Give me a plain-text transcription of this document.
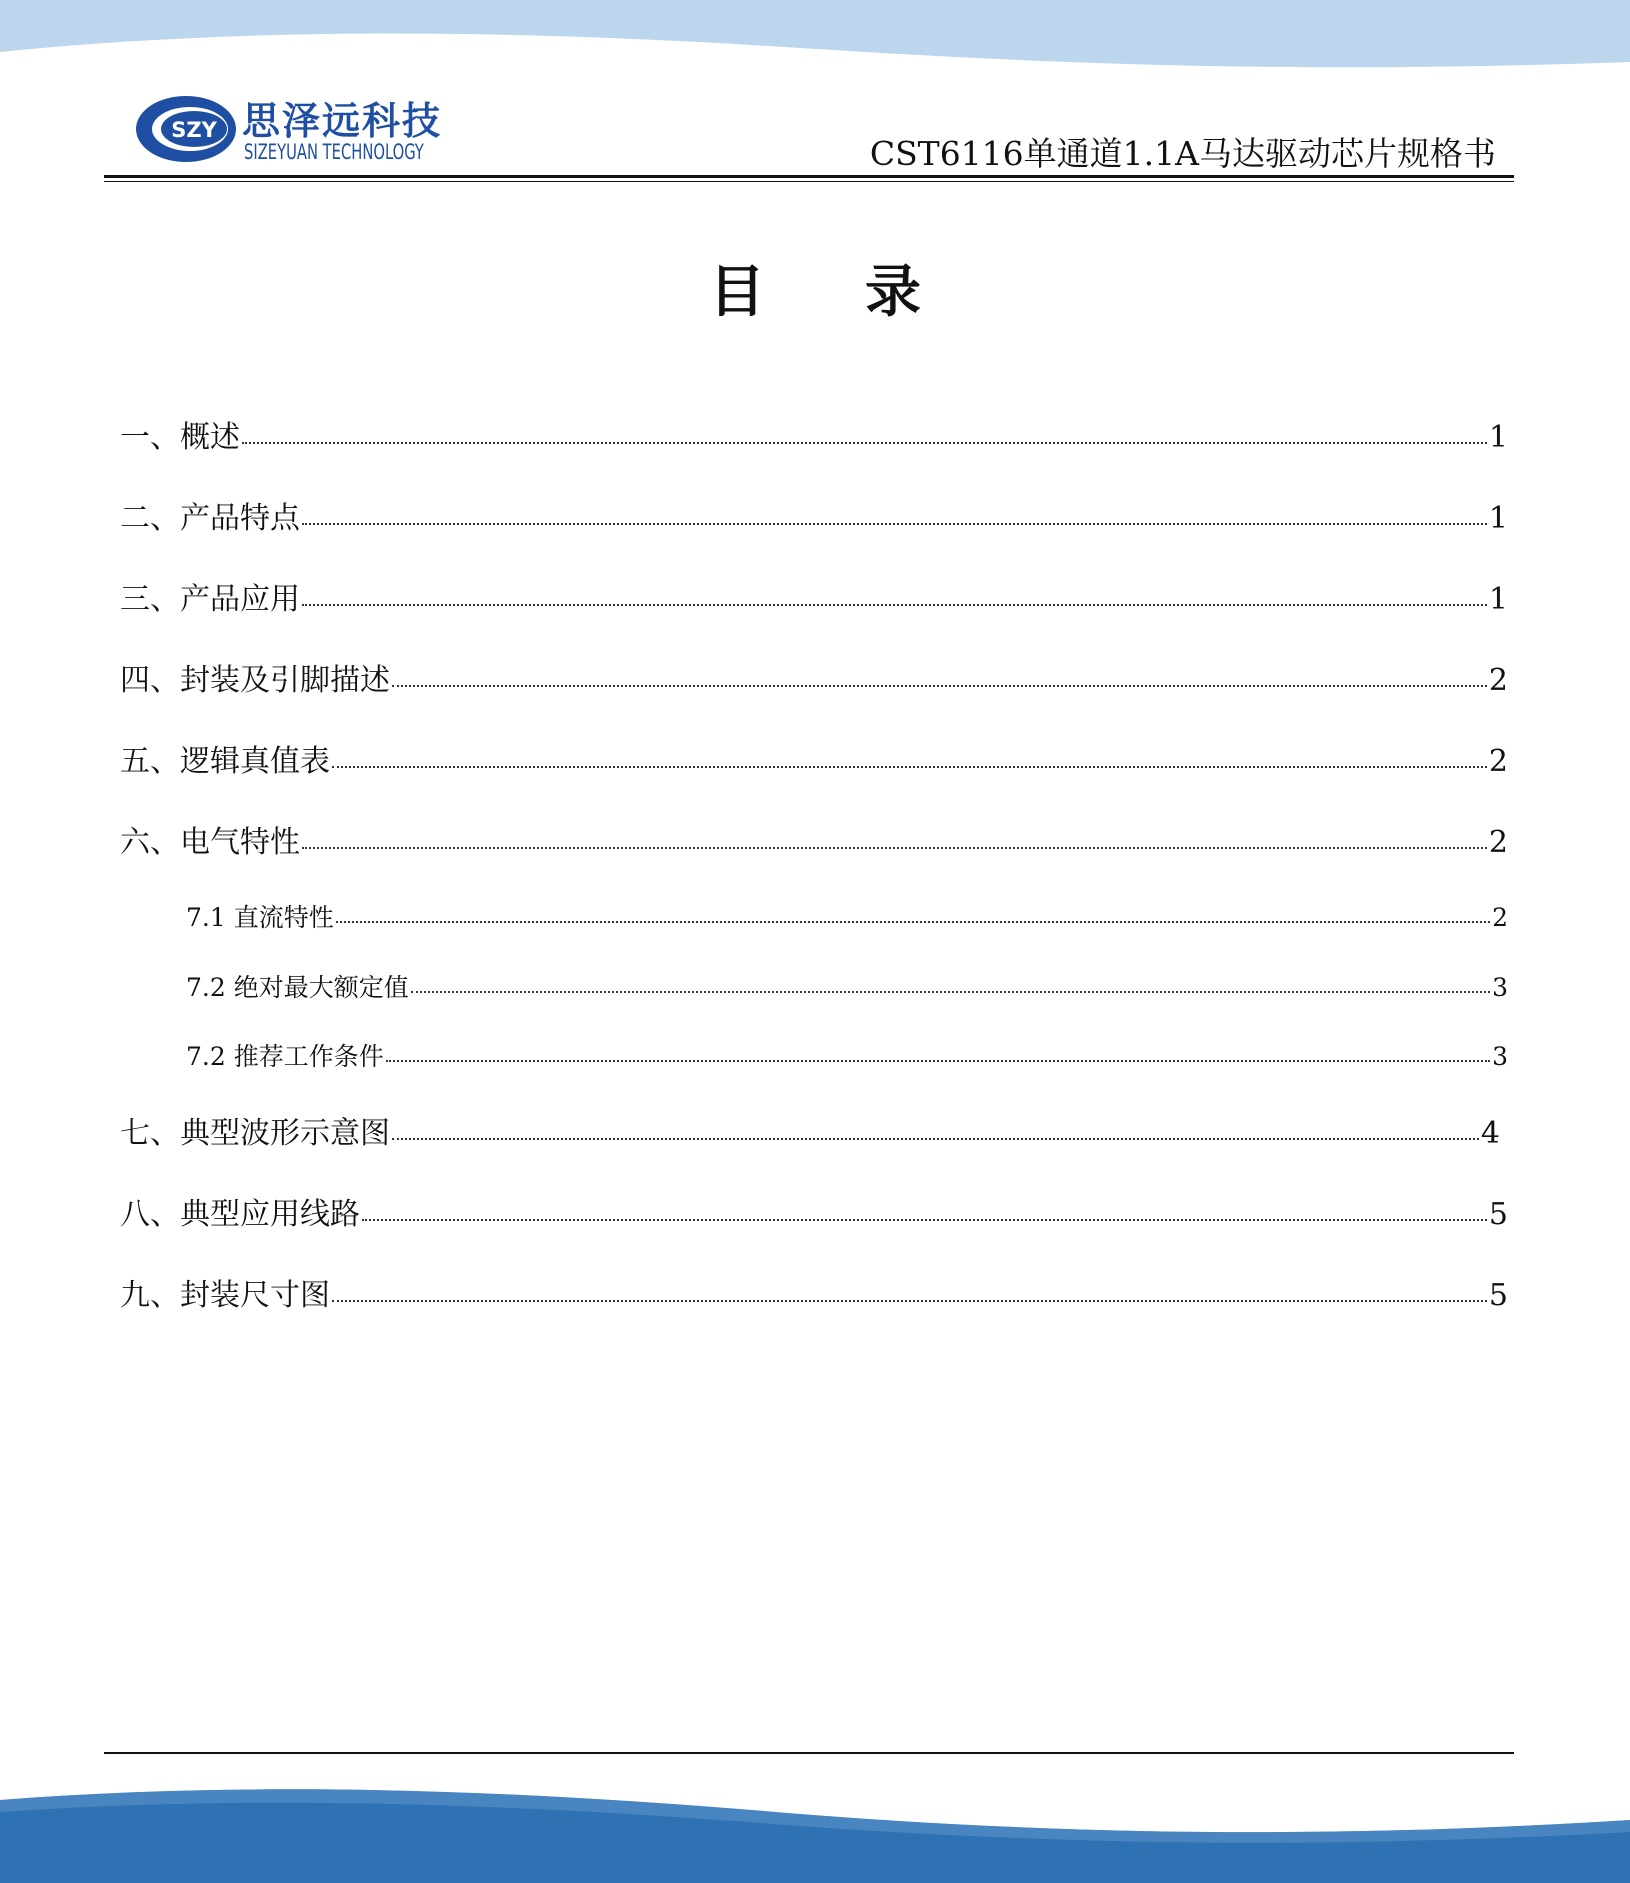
SZY 思泽远科技
SIZEYUAN TECHNOLOGY	CST6116单通道1.1A马达驱动芯片规格书
目录
一、概述	1
二、产品特点	1
三、产品应用	1
四、封装及引脚描述	2
五、逻辑真值表	2
六、电气特性	2
7.1 直流特性	2
7.2 绝对最大额定值	3
7.2 推荐工作条件	3
七、典型波形示意图	4
八、典型应用线路	5
九、封装尺寸图	5
